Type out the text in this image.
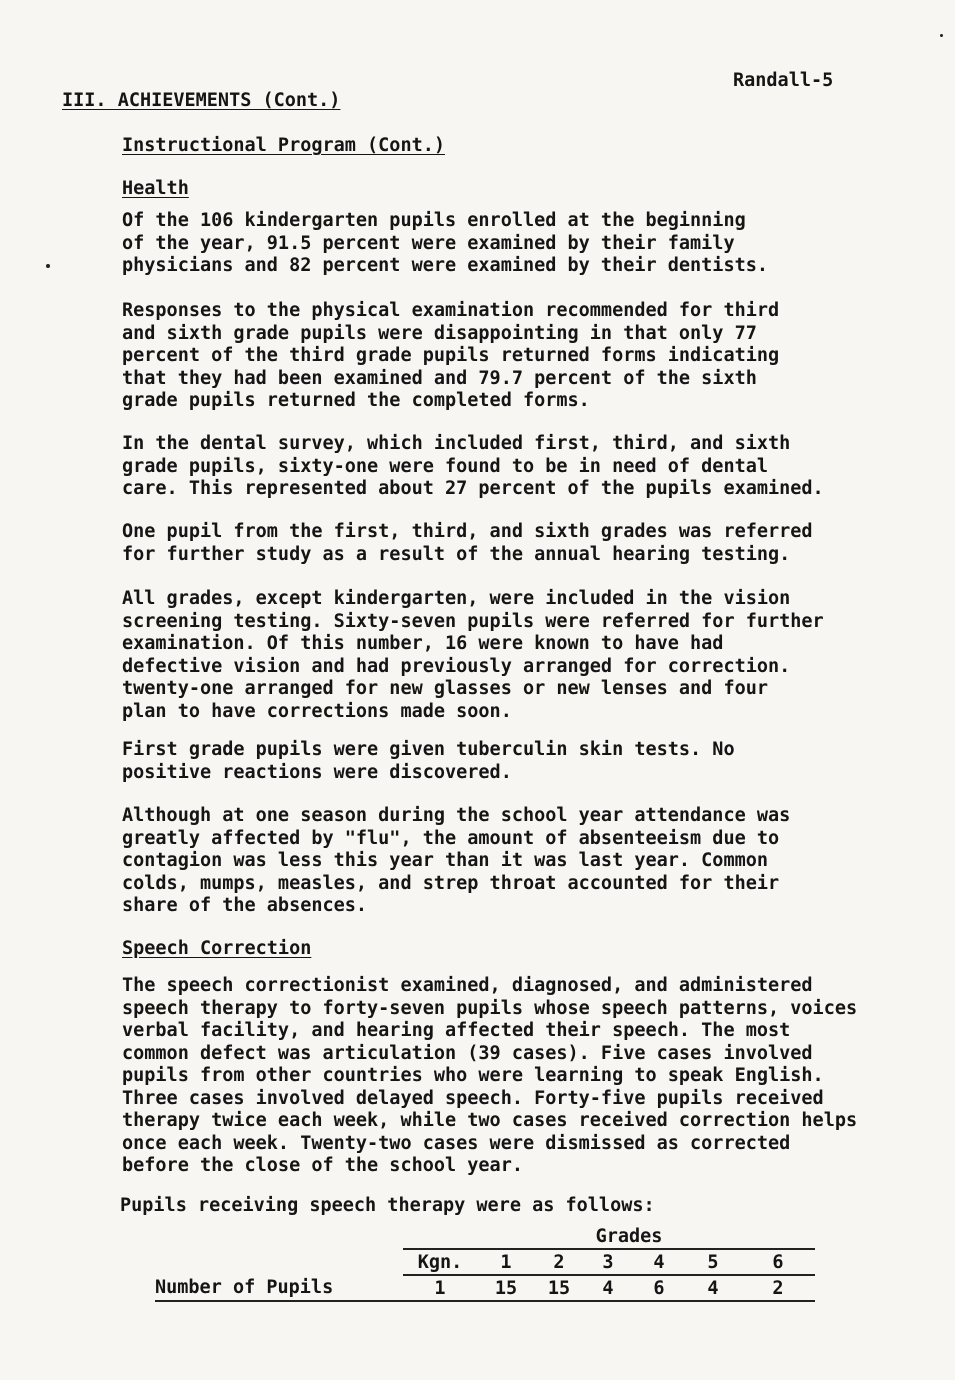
III. ACHIEVEMENTS (Cont.)
Randall-5
Instructional Program (Cont.)
Health
Of the 106 kindergarten pupils enrolled at the beginning
of the year, 91.5 percent were examined by their family
physicians and 82 percent were examined by their dentists.
Responses to the physical examination recommended for third
and sixth grade pupils were disappointing in that only 77
percent of the third grade pupils returned forms indicating
that they had been examined and 79.7 percent of the sixth
grade pupils returned the completed forms.
In the dental survey, which included first, third, and sixth
grade pupils, sixty-one were found to be in need of dental
care. This represented about 27 percent of the pupils examined.
One pupil from the first, third, and sixth grades was referred
for further study as a result of the annual hearing testing.
All grades, except kindergarten, were included in the vision
screening testing. Sixty-seven pupils were referred for further
examination. Of this number, 16 were known to have had
defective vision and had previously arranged for correction.
twenty-one arranged for new glasses or new lenses and four
plan to have corrections made soon.
First grade pupils were given tuberculin skin tests. No
positive reactions were discovered.
Although at one season during the school year attendance was
greatly affected by "flu", the amount of absenteeism due to
contagion was less this year than it was last year. Common
colds, mumps, measles, and strep throat accounted for their
share of the absences.
Speech Correction
The speech correctionist examined, diagnosed, and administered
speech therapy to forty-seven pupils whose speech patterns, voices
verbal facility, and hearing affected their speech. The most
common defect was articulation (39 cases). Five cases involved
pupils from other countries who were learning to speak English.
Three cases involved delayed speech. Forty-five pupils received
therapy twice each week, while two cases received correction helps
once each week. Twenty-two cases were dismissed as corrected
before the close of the school year.
Pupils receiving speech therapy were as follows:
	Grades						
	Kgn.	1	2	3	4	5	6
Number of Pupils	1	15	15	4	6	4	2
